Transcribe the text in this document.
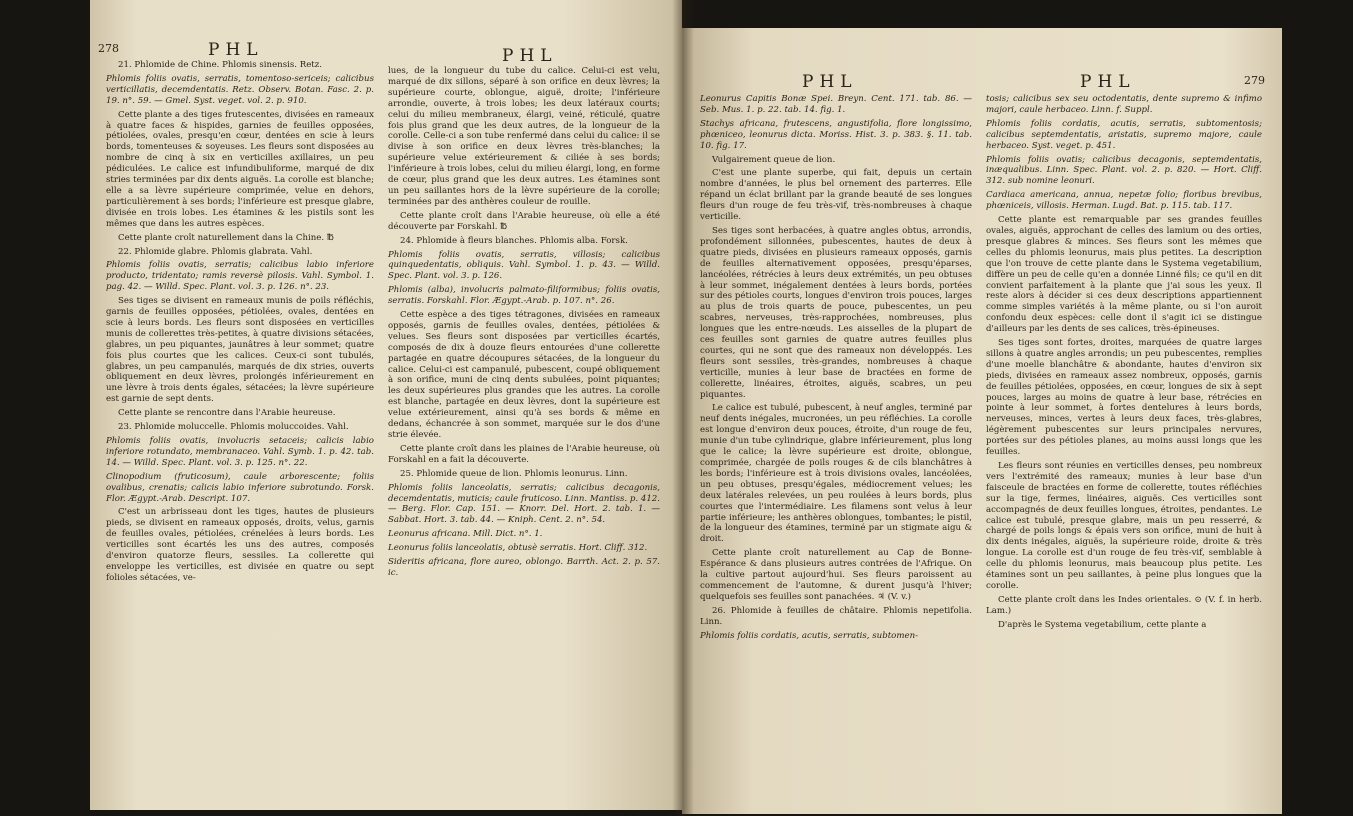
278	PHL	PHL

21. Phlomide de Chine. Phlomis sinensis. Retz.

Phlomis foliis ovatis, serratis, tomentoso-sericeis; calicibus verticillatis, decemdentatis. Retz. Observ. Botan. Fasc. 2. p. 19. n°. 59. — Gmel. Syst. veget. vol. 2. p. 910.

Cette plante a des tiges frutescentes, divisées en rameaux à quatre faces & hispides, garnies de feuilles opposées, pétiolées, ovales, presqu'en cœur, dentées en scie à leurs bords, tomenteuses & soyeuses. Les fleurs sont disposées au nombre de cinq à six en verticilles axillaires, un peu pédiculées. Le calice est infundibuliforme, marqué de dix stries terminées par dix dents aiguës. La corolle est blanche; elle a sa lèvre supérieure comprimée, velue en dehors, particulièrement à ses bords; l'inférieure est presque glabre, divisée en trois lobes. Les étamines & les pistils sont les mêmes que dans les autres espèces.

Cette plante croît naturellement dans la Chine. ℔

22. Phlomide glabre. Phlomis glabrata. Vahl.

Phlomis foliis ovatis, serratis; calicibus labio inferiore producto, tridentato; ramis reversè pilosis. Vahl. Symbol. 1. pag. 42. — Willd. Spec. Plant. vol. 3. p. 126. n°. 23.

Ses tiges se divisent en rameaux munis de poils réfléchis, garnis de feuilles opposées, pétiolées, ovales, dentées en scie à leurs bords. Les fleurs sont disposées en verticilles munis de collerettes très-petites, à quatre divisions sétacées, glabres, un peu piquantes, jaunâtres à leur sommet; quatre fois plus courtes que les calices. Ceux-ci sont tubulés, glabres, un peu campanulés, marqués de dix stries, ouverts obliquement en deux lèvres, prolongés inférieurement en une lèvre à trois dents égales, sétacées; la lèvre supérieure est garnie de sept dents.

Cette plante se rencontre dans l'Arabie heureuse.

23. Phlomide moluccelle. Phlomis moluccoides. Vahl.

Phlomis foliis ovatis, involucris setaceis; calicis labio inferiore rotundato, membranaceo. Vahl. Symb. 1. p. 42. tab. 14. — Willd. Spec. Plant. vol. 3. p. 125. n°. 22.

Clinopodium (fruticosum), caule arborescente; foliis ovalibus, crenatis; calicis labio inferiore subrotundo. Forsk. Flor. Ægypt.-Arab. Descript. 107.

C'est un arbrisseau dont les tiges, hautes de plusieurs pieds, se divisent en rameaux opposés, droits, velus, garnis de feuilles ovales, pétiolées, crénelées à leurs bords. Les verticilles sont écartés les uns des autres, composés d'environ quatorze fleurs, sessiles. La collerette qui enveloppe les verticilles, est divisée en quatre ou sept folioles sétacées, ve-

lues, de la longueur du tube du calice. Celui-ci est velu, marqué de dix sillons, séparé à son orifice en deux lèvres; la supérieure courte, oblongue, aiguë, droite; l'inférieure arrondie, ouverte, à trois lobes; les deux latéraux courts; celui du milieu membraneux, élargi, veiné, réticulé, quatre fois plus grand que les deux autres, de la longueur de la corolle. Celle-ci a son tube renfermé dans celui du calice: il se divise à son orifice en deux lèvres très-blanches; la supérieure velue extérieurement & ciliée à ses bords; l'inférieure à trois lobes, celui du milieu élargi, long, en forme de cœur, plus grand que les deux autres. Les étamines sont un peu saillantes hors de la lèvre supérieure de la corolle; terminées par des anthères couleur de rouille.

Cette plante croît dans l'Arabie heureuse, où elle a été découverte par Forskahl. ℔

24. Phlomide à fleurs blanches. Phlomis alba. Forsk.

Phlomis foliis ovatis, serratis, villosis; calicibus quinquedentatis, obliquis. Vahl. Symbol. 1. p. 43. — Willd. Spec. Plant. vol. 3. p. 126.

Phlomis (alba), involucris palmato-filiformibus; foliis ovatis, serratis. Forskahl. Flor. Ægypt.-Arab. p. 107. n°. 26.

Cette espèce a des tiges tétragones, divisées en rameaux opposés, garnis de feuilles ovales, dentées, pétiolées & velues. Ses fleurs sont disposées par verticilles écartés, composés de dix à douze fleurs entourées d'une collerette partagée en quatre découpures sétacées, de la longueur du calice. Celui-ci est campanulé, pubescent, coupé obliquement à son orifice, muni de cinq dents subulées, point piquantes; les deux supérieures plus grandes que les autres. La corolle est blanche, partagée en deux lèvres, dont la supérieure est velue extérieurement, ainsi qu'à ses bords & même en dedans, échancrée à son sommet, marquée sur le dos d'une strie élevée.

Cette plante croît dans les plaines de l'Arabie heureuse, où Forskahl en a fait la découverte.

25. Phlomide queue de lion. Phlomis leonurus. Linn.

Phlomis foliis lanceolatis, serratis; calicibus decagonis, decemdentatis, muticis; caule fruticoso. Linn. Mantiss. p. 412. — Berg. Flor. Cap. 151. — Knorr. Del. Hort. 2. tab. 1. — Sabbat. Hort. 3. tab. 44. — Kniph. Cent. 2. n°. 54.

Leonurus africana. Mill. Dict. n°. 1.

Leonurus foliis lanceolatis, obtusè serratis. Hort. Cliff. 312.

Sideritis africana, flore aureo, oblongo. Barrth. Act. 2. p. 57. ic.

PHL	PHL	279

Leonurus Capitis Bonæ Spei. Breyn. Cent. 171. tab. 86. — Seb. Mus. 1. p. 22. tab. 14. fig. 1.

Stachys africana, frutescens, angustifolia, flore longissimo, phœniceo, leonurus dicta. Moriss. Hist. 3. p. 383. §. 11. tab. 10. fig. 17.

Vulgairement queue de lion.

C'est une plante superbe, qui fait, depuis un certain nombre d'années, le plus bel ornement des parterres. Elle répand un éclat brillant par la grande beauté de ses longues fleurs d'un rouge de feu très-vif, très-nombreuses à chaque verticille.

Ses tiges sont herbacées, à quatre angles obtus, arrondis, profondément sillonnées, pubescentes, hautes de deux à quatre pieds, divisées en plusieurs rameaux opposés, garnis de feuilles alternativement opposées, presqu'éparses, lancéolées, rétrécies à leurs deux extrémités, un peu obtuses à leur sommet, inégalement dentées à leurs bords, portées sur des pétioles courts, longues d'environ trois pouces, larges au plus de trois quarts de pouce, pubescentes, un peu scabres, nerveuses, très-rapprochées, nombreuses, plus longues que les entre-nœuds. Les aisselles de la plupart de ces feuilles sont garnies de quatre autres feuilles plus courtes, qui ne sont que des rameaux non développés. Les fleurs sont sessiles, très-grandes, nombreuses à chaque verticille, munies à leur base de bractées en forme de collerette, linéaires, étroites, aiguës, scabres, un peu piquantes.

Le calice est tubulé, pubescent, à neuf angles, terminé par neuf dents inégales, mucronées, un peu réfléchies. La corolle est longue d'environ deux pouces, étroite, d'un rouge de feu, munie d'un tube cylindrique, glabre inférieurement, plus long que le calice; la lèvre supérieure est droite, oblongue, comprimée, chargée de poils rouges & de cils blanchâtres à les bords; l'inférieure est à trois divisions ovales, lancéolées, un peu obtuses, presqu'égales, médiocrement velues; les deux latérales relevées, un peu roulées à leurs bords, plus courtes que l'intermédiaire. Les filamens sont velus à leur partie inférieure; les anthères oblongues, tombantes; le pistil, de la longueur des étamines, terminé par un stigmate aigu & droit.

Cette plante croît naturellement au Cap de Bonne-Espérance & dans plusieurs autres contrées de l'Afrique. On la cultive partout aujourd'hui. Ses fleurs paroissent au commencement de l'automne, & durent jusqu'à l'hiver; quelquefois ses feuilles sont panachées. ♃ (V. v.)

26. Phlomide à feuilles de châtaire. Phlomis nepetifolia. Linn.

Phlomis foliis cordatis, acutis, serratis, subtomen-

tosis; calicibus sex seu octodentatis, dente supremo & infimo majori, caule herbaceo. Linn. f. Suppl.

Phlomis foliis cordatis, acutis, serratis, subtomentosis; calicibus septemdentatis, aristatis, supremo majore, caule herbaceo. Syst. veget. p. 451.

Phlomis foliis ovatis; calicibus decagonis, septemdentatis, inæqualibus. Linn. Spec. Plant. vol. 2. p. 820. — Hort. Cliff. 312. sub nomine leonuri.

Cardiaca americana, annua, nepetæ folio; floribus brevibus, phœniceis, villosis. Herman. Lugd. Bat. p. 115. tab. 117.

Cette plante est remarquable par ses grandes feuilles ovales, aiguës, approchant de celles des lamium ou des orties, presque glabres & minces. Ses fleurs sont les mêmes que celles du phlomis leonurus, mais plus petites. La description que l'on trouve de cette plante dans le Systema vegetabilium, diffère un peu de celle qu'en a donnée Linné fils; ce qu'il en dit convient parfaitement à la plante que j'ai sous les yeux. Il reste alors à décider si ces deux descriptions appartiennent comme simples variétés à la même plante, ou si l'on auroit confondu deux espèces: celle dont il s'agit ici se distingue d'ailleurs par les dents de ses calices, très-épineuses.

Ses tiges sont fortes, droites, marquées de quatre larges sillons à quatre angles arrondis; un peu pubescentes, remplies d'une moelle blanchâtre & abondante, hautes d'environ six pieds, divisées en rameaux assez nombreux, opposés, garnis de feuilles pétiolées, opposées, en cœur, longues de six à sept pouces, larges au moins de quatre à leur base, rétrécies en pointe à leur sommet, à fortes dentelures à leurs bords, nerveuses, minces, vertes à leurs deux faces, très-glabres, légèrement pubescentes sur leurs principales nervures, portées sur des pétioles planes, au moins aussi longs que les feuilles.

Les fleurs sont réunies en verticilles denses, peu nombreux vers l'extrémité des rameaux; munies à leur base d'un faisceule de bractées en forme de collerette, toutes réfléchies sur la tige, fermes, linéaires, aiguës. Ces verticilles sont accompagnés de deux feuilles longues, étroites, pendantes. Le calice est tubulé, presque glabre, mais un peu resserré, & chargé de poils longs & épais vers son orifice, muni de huit à dix dents inégales, aiguës, la supérieure roide, droite & très longue. La corolle est d'un rouge de feu très-vif, semblable à celle du phlomis leonurus, mais beaucoup plus petite. Les étamines sont un peu saillantes, à peine plus longues que la corolle.

Cette plante croît dans les Indes orientales. ⊙ (V. f. in herb. Lam.)

D'après le Systema vegetabilium, cette plante a
